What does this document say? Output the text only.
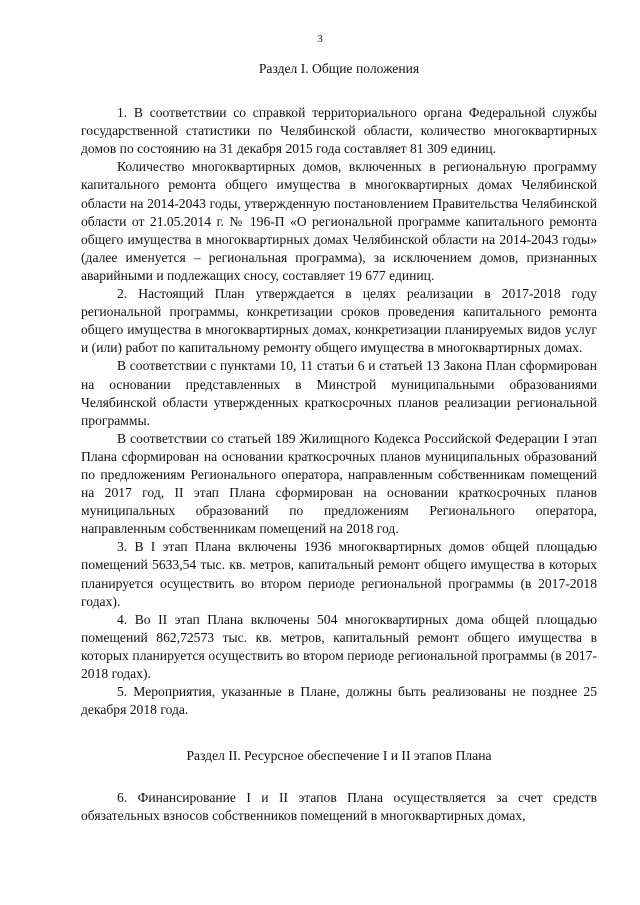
3

Раздел I. Общие положения

1. В соответствии со справкой территориального органа Федеральной службы государственной статистики по Челябинской области, количество многоквартирных домов по состоянию на 31 декабря 2015 года составляет 81 309 единиц.

Количество многоквартирных домов, включенных в региональную программу капитального ремонта общего имущества в многоквартирных домах Челябинской области на 2014-2043 годы, утвержденную постановлением Правительства Челябинской области от 21.05.2014 г. № 196-П «О региональной программе капитального ремонта общего имущества в многоквартирных домах Челябинской области на 2014-2043 годы» (далее именуется – региональная программа), за исключением домов, признанных аварийными и подлежащих сносу, составляет 19 677 единиц.

2. Настоящий План утверждается в целях реализации в 2017-2018 году региональной программы, конкретизации сроков проведения капитального ремонта общего имущества в многоквартирных домах, конкретизации планируемых видов услуг и (или) работ по капитальному ремонту общего имущества в многоквартирных домах.

В соответствии с пунктами 10, 11 статьи 6 и статьей 13 Закона План сформирован на основании представленных в Минстрой муниципальными образованиями Челябинской области утвержденных краткосрочных планов реализации региональной программы.

В соответствии со статьей 189 Жилищного Кодекса Российской Федерации I этап Плана сформирован на основании краткосрочных планов муниципальных образований по предложениям Регионального оператора, направленным собственникам помещений на 2017 год, II этап Плана сформирован на основании краткосрочных планов муниципальных образований по предложениям Регионального оператора, направленным собственникам помещений на 2018 год.

3. В I этап Плана включены 1936 многоквартирных домов общей площадью помещений 5633,54 тыс. кв. метров, капитальный ремонт общего имущества в которых планируется осуществить во втором периоде региональной программы (в 2017-2018 годах).

4. Во II этап Плана включены 504 многоквартирных дома общей площадью помещений 862,72573 тыс. кв. метров, капитальный ремонт общего имущества в которых планируется осуществить во втором периоде региональной программы (в 2017-2018 годах).

5. Мероприятия, указанные в Плане, должны быть реализованы не позднее 25 декабря 2018 года.

Раздел II. Ресурсное обеспечение I и II этапов Плана

6. Финансирование I и II этапов Плана осуществляется за счет средств обязательных взносов собственников помещений в многоквартирных домах,
